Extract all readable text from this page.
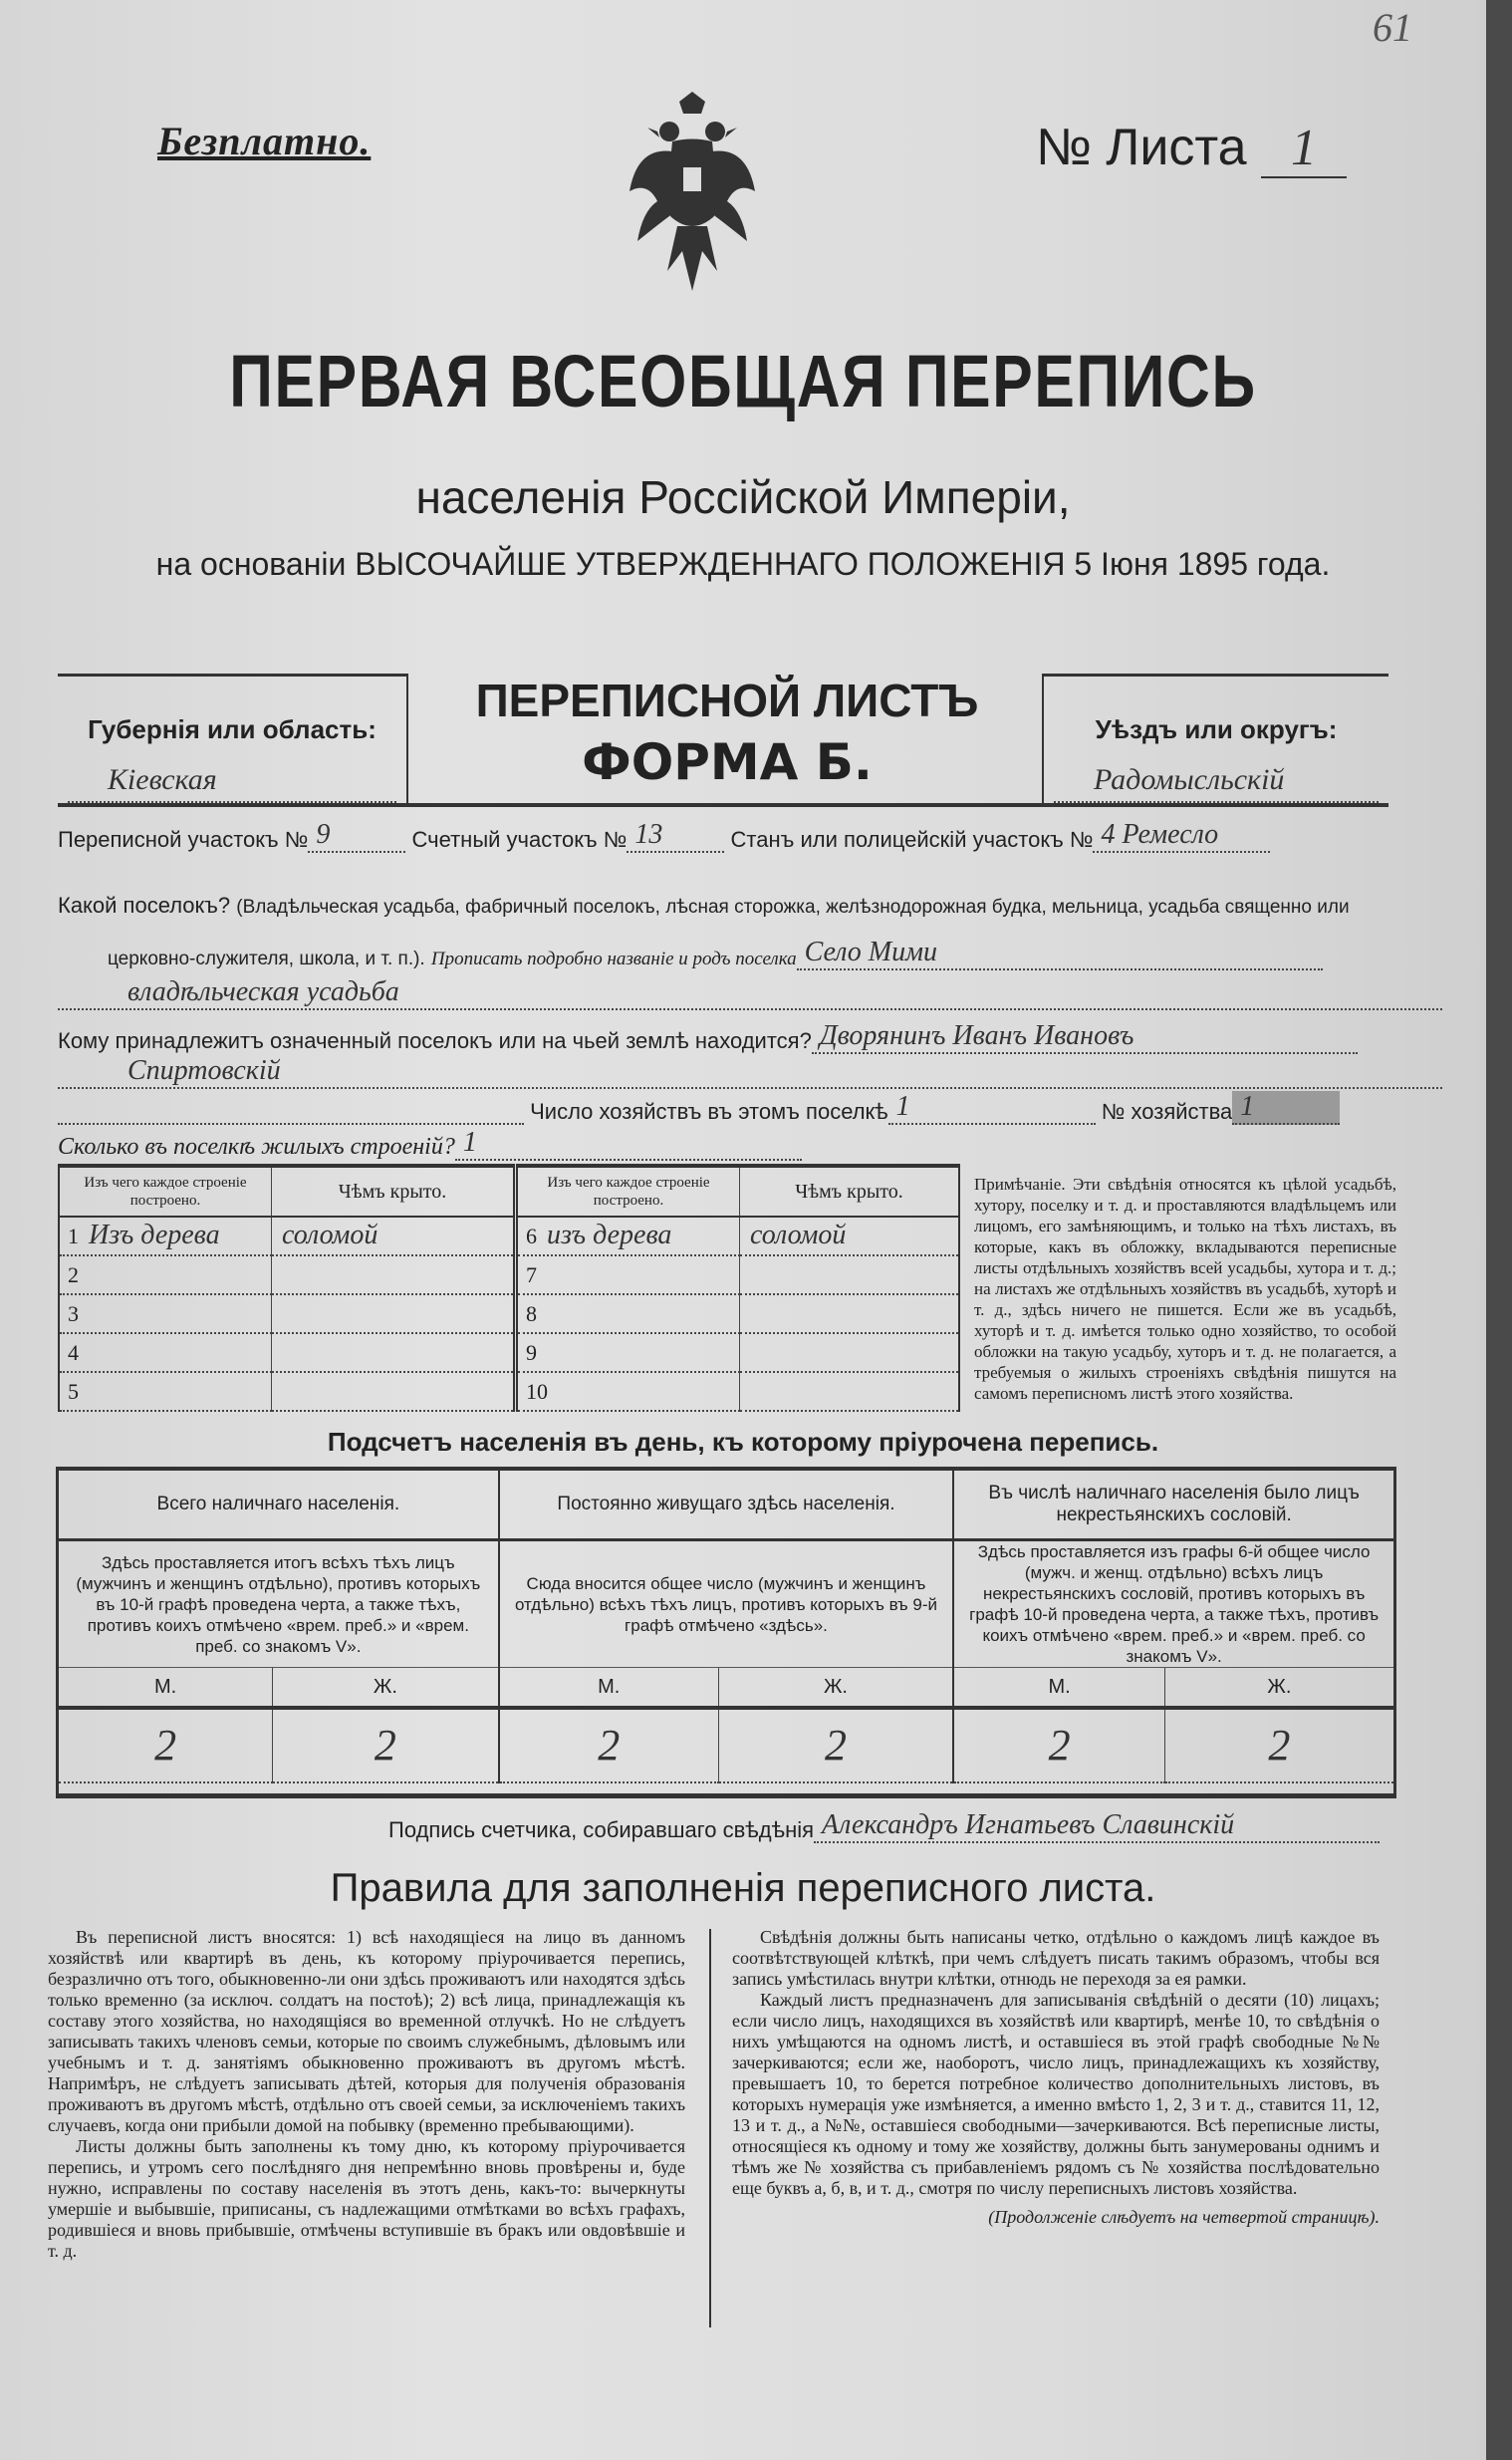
61
Безплатно.	№ Листа 1
ПЕРВАЯ ВСЕОБЩАЯ ПЕРЕПИСЬ
населенія Россійской Имперіи,
на основаніи ВЫСОЧАЙШЕ УТВЕРЖДЕННАГО ПОЛОЖЕНІЯ 5 Іюня 1895 года.
Губернія или область:
Кіевская
ПЕРЕПИСНОЙ ЛИСТЪ
ФОРМА Б.
Уѣздъ или округъ:
Радомысльскій
Переписной участокъ № 9	Счетный участокъ № 13	Станъ или полицейскій участокъ № 4 Ремесло
Какой поселокъ? (Владѣльческая усадьба, фабричный поселокъ, лѣсная сторожка, желѣзнодорожная будка, мельница, усадьба священно или
церковно-служителя, школа, и т. п.). Прописать подробно названіе и родъ поселка Село Мими
владѣльческая усадьба
Кому принадлежитъ означенный поселокъ или на чьей землѣ находится? Дворянинъ Иванъ Ивановъ
Спиртовскій
Число хозяйствъ въ этомъ поселкѣ 1	№ хозяйства 1
Сколько въ поселкѣ жилыхъ строеній? 1
Изъ чего каждое строеніе построено.	Чѣмъ крыто.	Изъ чего каждое строеніе построено.	Чѣмъ крыто.
1 Изъ дерева	соломой	6 изъ дерева	соломой
2		7	
3		8	
4		9	
5		10	
Примѣчаніе. Эти свѣдѣнія относятся къ цѣлой усадьбѣ, хутору, поселку и т. д. и проставляются владѣльцемъ или лицомъ, его замѣняющимъ, и только на тѣхъ листахъ, въ которые, какъ въ обложку, вкладываются переписные листы отдѣльныхъ хозяйствъ всей усадьбы, хутора и т. д.; на листахъ же отдѣльныхъ хозяйствъ въ усадьбѣ, хуторѣ и т. д., здѣсь ничего не пишется. Если же въ усадьбѣ, хуторѣ и т. д. имѣется только одно хозяйство, то особой обложки на такую усадьбу, хуторъ и т. д. не полагается, а требуемыя о жилыхъ строеніяхъ свѣдѣнія пишутся на самомъ переписномъ листѣ этого хозяйства.
Подсчетъ населенія въ день, къ которому пріурочена перепись.
Всего наличнаго населенія.		Постоянно живущаго здѣсь населенія.		Въ числѣ наличнаго населенія было лицъ некрестьянскихъ сословій.	
Здѣсь проставляется итогъ всѣхъ тѣхъ лицъ (мужчинъ и женщинъ отдѣльно), противъ которыхъ въ 10-й графѣ проведена черта, а также тѣхъ, противъ коихъ отмѣчено «врем. преб.» и «врем. преб. со знакомъ V».		Сюда вносится общее число (мужчинъ и женщинъ отдѣльно) всѣхъ тѣхъ лицъ, противъ которыхъ въ 9-й графѣ отмѣчено «здѣсь».		Здѣсь проставляется изъ графы 6-й общее число (мужч. и женщ. отдѣльно) всѣхъ лицъ некрестьянскихъ сословій, противъ которыхъ въ графѣ 10-й проведена черта, а также тѣхъ, противъ коихъ отмѣчено «врем. преб.» и «врем. преб. со знакомъ V».	
М.	Ж.	М.	Ж.	М.	Ж.
2	2	2	2	2	2

Подпись счетчика, собиравшаго свѣдѣнія Александръ Игнатьевъ Славинскій
Правила для заполненія переписного листа.

Въ переписной листъ вносятся: 1) всѣ находящіеся на лицо въ данномъ хозяйствѣ или квартирѣ въ день, къ которому пріурочивается перепись, безразлично отъ того, обыкновенно-ли они здѣсь проживаютъ или находятся здѣсь только временно (за исключ. солдатъ на постоѣ); 2) всѣ лица, принадлежащія къ составу этого хозяйства, но находящіяся во временной отлучкѣ. Но не слѣдуетъ записывать такихъ членовъ семьи, которые по своимъ служебнымъ, дѣловымъ или учебнымъ и т. д. занятіямъ обыкновенно проживаютъ въ другомъ мѣстѣ. Напримѣръ, не слѣдуетъ записывать дѣтей, которыя для полученія образованія проживаютъ въ другомъ мѣстѣ, отдѣльно отъ своей семьи, за исключеніемъ такихъ случаевъ, когда они прибыли домой на побывку (временно пребывающими).

Листы должны быть заполнены къ тому дню, къ которому пріурочивается перепись, и утромъ сего послѣдняго дня непремѣнно вновь провѣрены и, буде нужно, исправлены по составу населенія въ этотъ день, какъ-то: вычеркнуты умершіе и выбывшіе, приписаны, съ надлежащими отмѣтками во всѣхъ графахъ, родившіеся и вновь прибывшіе, отмѣчены вступившіе въ бракъ или овдовѣвшіе и т. д.

Свѣдѣнія должны быть написаны четко, отдѣльно о каждомъ лицѣ каждое въ соотвѣтствующей клѣткѣ, при чемъ слѣдуетъ писать такимъ образомъ, чтобы вся запись умѣстилась внутри клѣтки, отнюдь не переходя за ея рамки.

Каждый листъ предназначенъ для записыванія свѣдѣній о десяти (10) лицахъ; если число лицъ, находящихся въ хозяйствѣ или квартирѣ, менѣе 10, то свѣдѣнія о нихъ умѣщаются на одномъ листѣ, и оставшіеся въ этой графѣ свободные №№ зачеркиваются; если же, наоборотъ, число лицъ, принадлежащихъ къ хозяйству, превышаетъ 10, то берется потребное количество дополнительныхъ листовъ, въ которыхъ нумерація уже измѣняется, а именно вмѣсто 1, 2, 3 и т. д., ставится 11, 12, 13 и т. д., а №№, оставшіеся свободными—зачеркиваются. Всѣ переписные листы, относящіеся къ одному и тому же хозяйству, должны быть занумерованы однимъ и тѣмъ же № хозяйства съ прибавленіемъ рядомъ съ № хозяйства послѣдовательно еще буквъ а, б, в, и т. д., смотря по числу переписныхъ листовъ хозяйства.

(Продолженіе слѣдуетъ на четвертой страницѣ).
